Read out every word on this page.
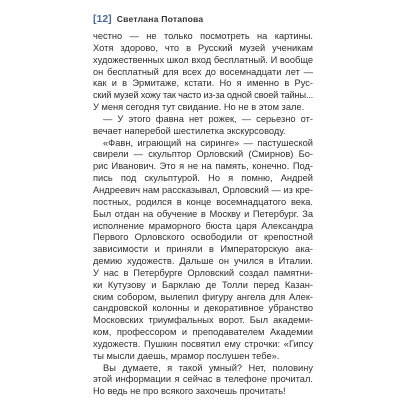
[12] Светлана Потапова
честно — не только посмотреть на картины.
Хотя здорово, что в Русский музей ученикам
художественных школ вход бесплатный. И вообще
он бесплатный для всех до восемнадцати лет —
как и в Эрмитаже, кстати. Но я именно в Рус-
ский музей хожу так часто из-за одной своей тайны...
У меня сегодня тут свидание. Но не в этом зале.
— У этого фавна нет рожек, — серьезно от-
вечает наперебой шестилетка экскурсоводу.
«Фавн, играющий на сиринге» — пастушеской
свирели — скульптор Орловский (Смирнов) Бо-
рис Иванович. Это я не на память, конечно. Под-
пись под скульптурой. Но я помню, Андрей
Андреевич нам рассказывал, Орловский — из кре-
постных, родился в конце восемнадцатого века.
Был отдан на обучение в Москву и Петербург. За
исполнение мраморного бюста царя Александра
Первого Орловского освободили от крепостной
зависимости и приняли в Императорскую ака-
демию художеств. Дальше он учился в Италии.
У нас в Петербурге Орловский создал памятни-
ки Кутузову и Барклаю де Толли перед Казан-
ским собором, вылепил фигуру ангела для Алек-
сандровской колонны и декоративное убранство
Московских триумфальных ворот. Был академи-
ком, профессором и преподавателем Академии
художеств. Пушкин посвятил ему строчки: «Гипсу
ты мысли даешь, мрамор послушен тебе».
Вы думаете, я такой умный? Нет, половину
этой информации я сейчас в телефоне прочитал.
Но ведь не про всякого захочешь прочитать!
